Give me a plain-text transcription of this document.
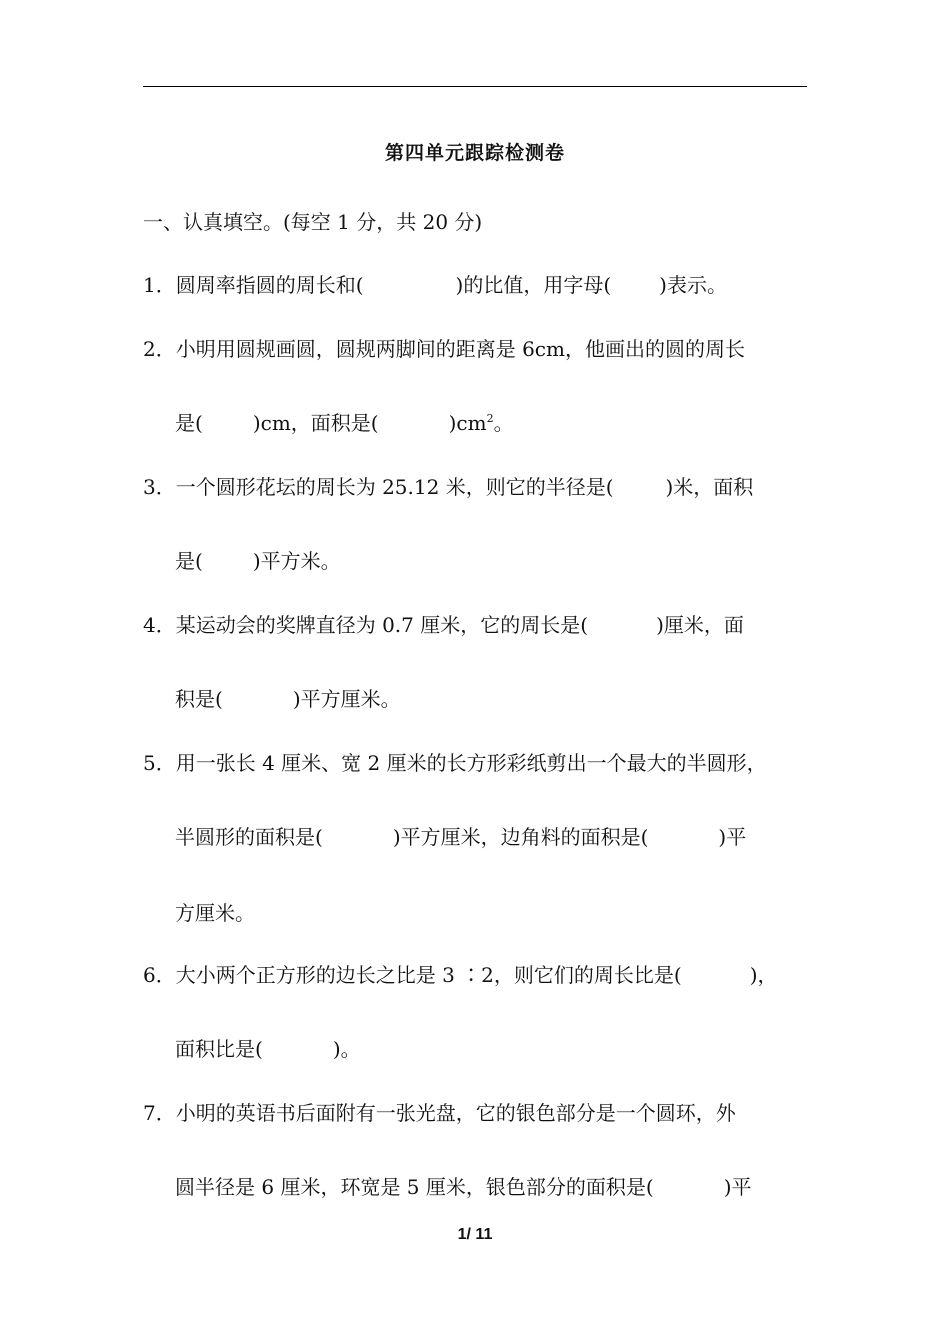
第四单元跟踪检测卷
一、认真填空。(每空 1 分，共 20 分)
1．圆周率指圆的周长和(	)的比值，用字母( )表示。
2．小明用圆规画圆，圆规两脚间的距离是 6cm，他画出的圆的周长
是(	)cm，面积是(	)$cm^2$。
3．一个圆形花坛的周长为 25.12 米，则它的半径是(	)米，面积
是(	)平方米。
4．某运动会的奖牌直径为 0.7 厘米，它的周长是(	)厘米，面
积是(	)平方厘米。
5．用一张长 4 厘米、宽 2 厘米的长方形彩纸剪出一个最大的半圆形，
半圆形的面积是(	)平方厘米，边角料的面积是(	)平
方厘米。
6．大小两个正方形的边长之比是 3 ∶2，则它们的周长比是(	)，
面积比是(	)。
7．小明的英语书后面附有一张光盘，它的银色部分是一个圆环，外
圆半径是 6 厘米，环宽是 5 厘米，银色部分的面积是(	)平
1/ 11
